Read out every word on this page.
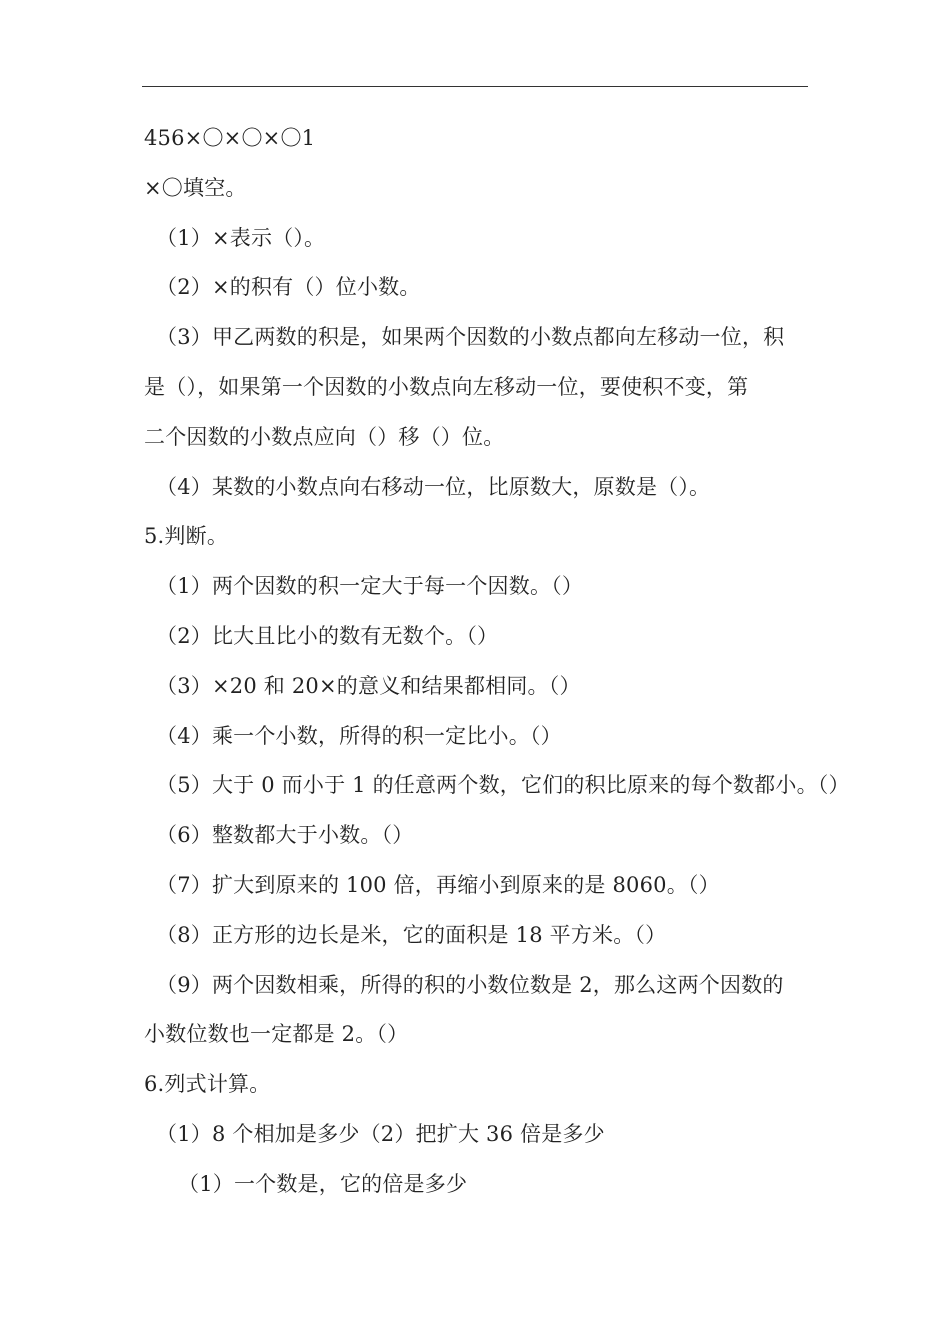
456×〇×〇×〇1
×〇填空。
（1）×表示（）。
（2）×的积有（）位小数。
（3）甲乙两数的积是，如果两个因数的小数点都向左移动一位，积
是（），如果第一个因数的小数点向左移动一位，要使积不变，第
二个因数的小数点应向（）移（）位。
（4）某数的小数点向右移动一位，比原数大，原数是（）。
5.判断。
（1）两个因数的积一定大于每一个因数。（）
（2）比大且比小的数有无数个。（）
（3）×20 和 20×的意义和结果都相同。（）
（4）乘一个小数，所得的积一定比小。（）
（5）大于 0 而小于 1 的任意两个数，它们的积比原来的每个数都小。（）
（6）整数都大于小数。（）
（7）扩大到原来的 100 倍，再缩小到原来的是 8060。（）
（8）正方形的边长是米，它的面积是 18 平方米。（）
（9）两个因数相乘，所得的积的小数位数是 2，那么这两个因数的
小数位数也一定都是 2。（）
6.列式计算。
（1）8 个相加是多少（2）把扩大 36 倍是多少
（1）一个数是，它的倍是多少
